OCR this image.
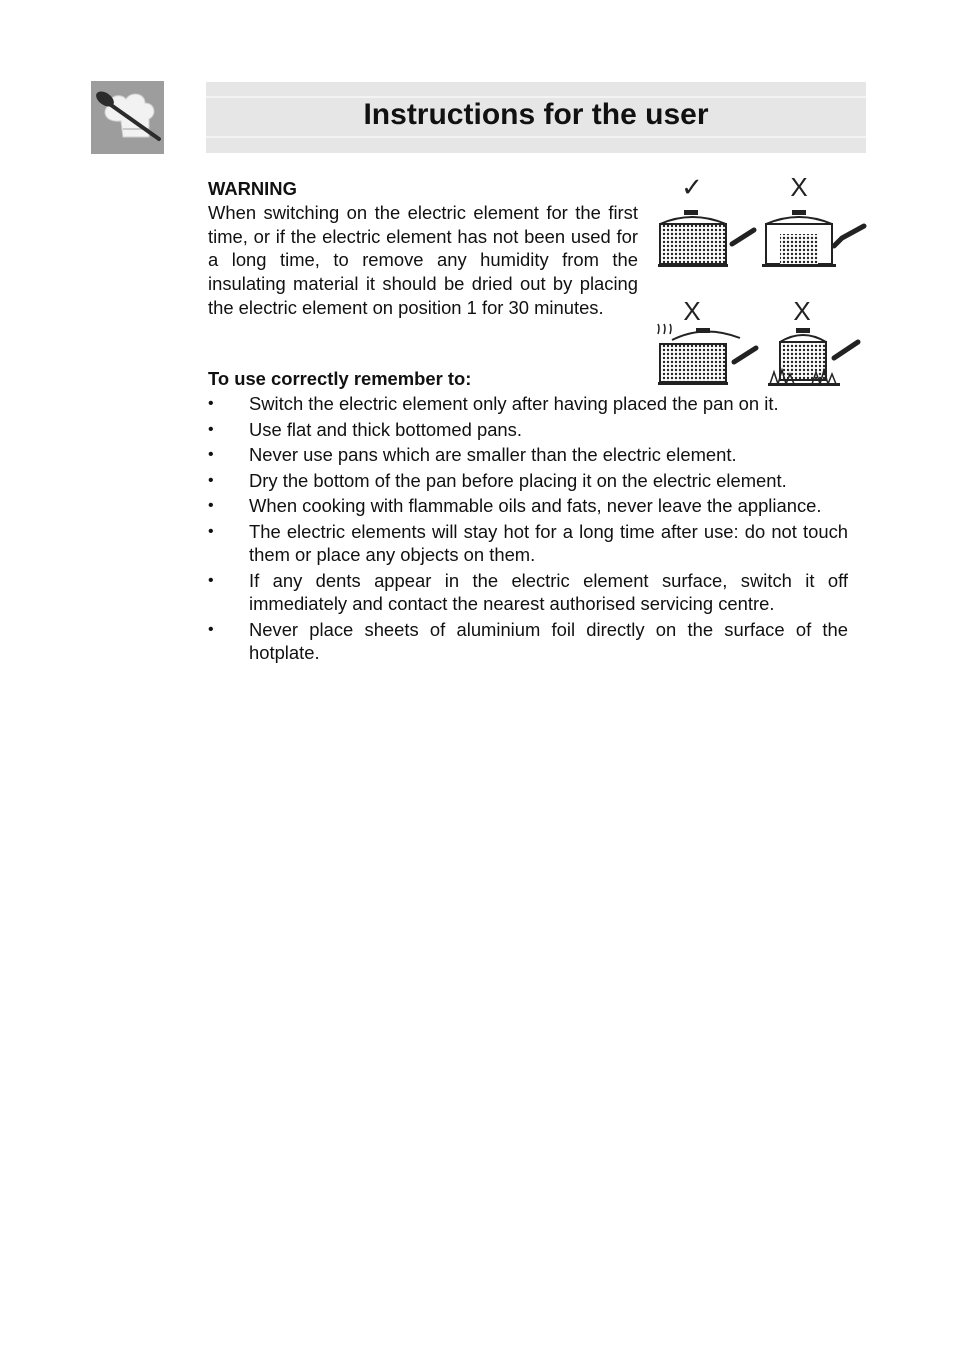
Instructions for the user
WARNING
When switching on the electric element for the first time, or if the electric element has not been used for a long time, to remove any humidity from the insulating material it should be dried out by placing the electric element on position 1 for 30 minutes.
✓	X
X	X
To use correctly remember to:
• Switch the electric element only after having placed the pan on it.
• Use flat and thick bottomed pans.
• Never use pans which are smaller than the electric element.
• Dry the bottom of the pan before placing it on the electric element.
• When cooking with flammable oils and fats, never leave the appliance.
• The electric elements will stay hot for a long time after use: do not touch them or place any objects on them.
• If any dents appear in the electric element surface, switch it off immediately and contact the nearest authorised servicing centre.
• Never place sheets of aluminium foil directly on the surface of the hotplate.
